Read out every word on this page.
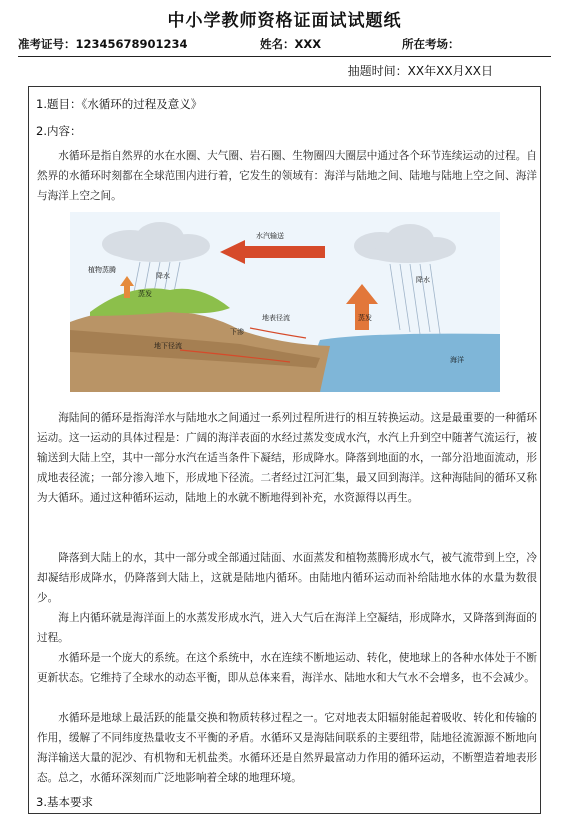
中小学教师资格证面试试题纸
准考证号：12345678901234	姓名：XXX	所在考场：
抽题时间：XX年XX月XX日
1.题目：《水循环的过程及意义》
2.内容：

水循环是指自然界的水在水圈、大气圈、岩石圈、生物圈四大圈层中通过各个环节连续运动的过程。自然界的水循环时刻都在全球范围内进行着，它发生的领域有：海洋与陆地之间、陆地与陆地上空之间、海洋与海洋上空之间。

水汽输送
降水
植物蒸腾
蒸发
地表径流
下渗
地下径流
降水
蒸发
海洋

海陆间的循环是指海洋水与陆地水之间通过一系列过程所进行的相互转换运动。这是最重要的一种循环运动。这一运动的具体过程是：广阔的海洋表面的水经过蒸发变成水汽，水汽上升到空中随著气流运行，被输送到大陆上空，其中一部分水汽在适当条件下凝结，形成降水。降落到地面的水，一部分沿地面流动，形成地表径流；一部分渗入地下，形成地下径流。二者经过江河汇集，最又回到海洋。这种海陆间的循环又称为大循环。通过这种循环运动，陆地上的水就不断地得到补充，水资源得以再生。

降落到大陆上的水，其中一部分或全部通过陆面、水面蒸发和植物蒸腾形成水气，被气流带到上空，冷却凝结形成降水，仍降落到大陆上，这就是陆地内循环。由陆地内循环运动而补给陆地水体的水量为数很少。

海上内循环就是海洋面上的水蒸发形成水汽，进入大气后在海洋上空凝结，形成降水，又降落到海面的过程。

水循环是一个庞大的系统。在这个系统中，水在连续不断地运动、转化，使地球上的各种水体处于不断更新状态。它维持了全球水的动态平衡，即从总体来看，海洋水、陆地水和大气水不会增多，也不会减少。

水循环是地球上最活跃的能量交换和物质转移过程之一。它对地表太阳辐射能起着吸收、转化和传输的作用，缓解了不同纬度热量收支不平衡的矛盾。水循环又是海陆间联系的主要纽带，陆地径流源源不断地向海洋输送大量的泥沙、有机物和无机盐类。水循环还是自然界最富动力作用的循环运动，不断塑造着地表形态。总之，水循环深刻而广泛地影响着全球的地理环境。

3.基本要求
